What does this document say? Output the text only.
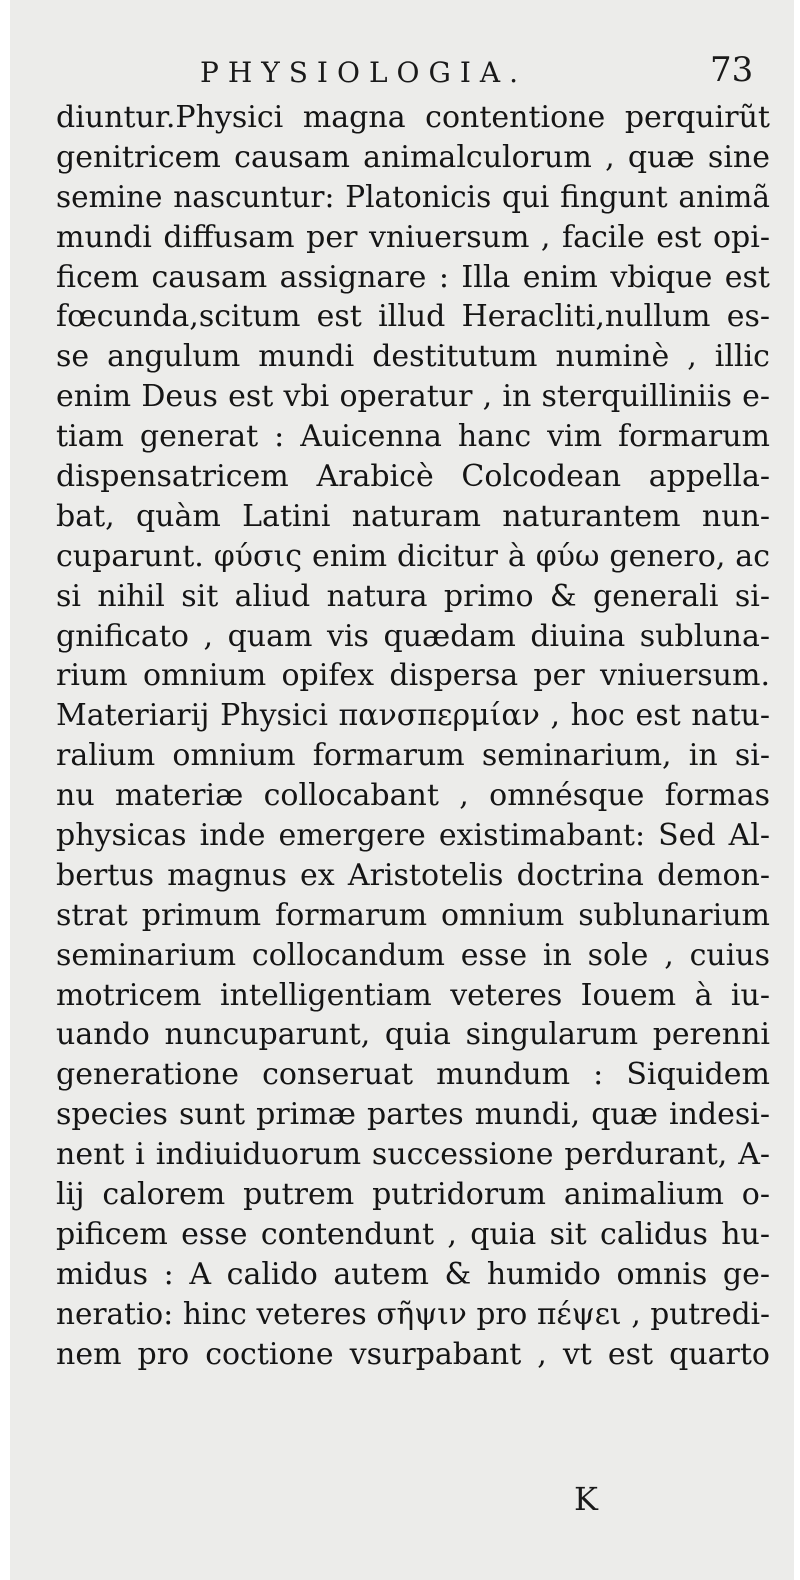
PHYSIOLOGIA.	73
diuntur.Physici magna contentione perquirũt
genitricem causam animalculorum , quæ sine
semine nascuntur: Platonicis qui fingunt animã
mundi diffusam per vniuersum , facile est opi-
ficem causam assignare : Illa enim vbique est
fœcunda,scitum est illud Heracliti,nullum es-
se angulum mundi destitutum numinè , illic
enim Deus est vbi operatur , in sterquilliniis e-
tiam generat : Auicenna hanc vim formarum
dispensatricem Arabicè Colcodean appella-
bat, quàm Latini naturam naturantem nun-
cuparunt. φύσις enim dicitur à φύω genero, ac
si nihil sit aliud natura primo & generali si-
gnificato , quam vis quædam diuina subluna-
rium omnium opifex dispersa per vniuersum.
Materiarij Physici πανσπερμίαν , hoc est natu-
ralium omnium formarum seminarium, in si-
nu materiæ collocabant , omnésque formas
physicas inde emergere existimabant: Sed Al-
bertus magnus ex Aristotelis doctrina demon-
strat primum formarum omnium sublunarium
seminarium collocandum esse in sole , cuius
motricem intelligentiam veteres Iouem à iu-
uando nuncuparunt, quia singularum perenni
generatione conseruat mundum : Siquidem
species sunt primæ partes mundi, quæ indesi-
nent i indiuiduorum successione perdurant, A-
lij calorem putrem putridorum animalium o-
pificem esse contendunt , quia sit calidus hu-
midus : A calido autem & humido omnis ge-
neratio: hinc veteres σῆψιν pro πέψει , putredi-
nem pro coctione vsurpabant , vt est quarto
K
